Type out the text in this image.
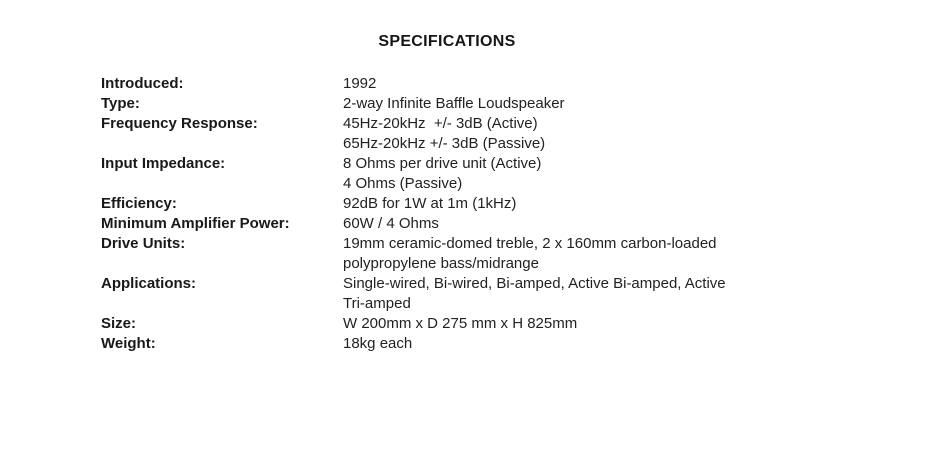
SPECIFICATIONS
Introduced:	1992
Type:	2-way Infinite Baffle Loudspeaker
Frequency Response:	45Hz-20kHz  +/- 3dB (Active)
65Hz-20kHz +/- 3dB (Passive)
Input Impedance:	8 Ohms per drive unit (Active)
4 Ohms (Passive)
Efficiency:	92dB for 1W at 1m (1kHz)
Minimum Amplifier Power:	60W / 4 Ohms
Drive Units:	19mm ceramic-domed treble, 2 x 160mm carbon-loaded
polypropylene bass/midrange
Applications:	Single-wired, Bi-wired, Bi-amped, Active Bi-amped, Active
Tri-amped
Size:	W 200mm x D 275 mm x H 825mm
Weight:	18kg each
